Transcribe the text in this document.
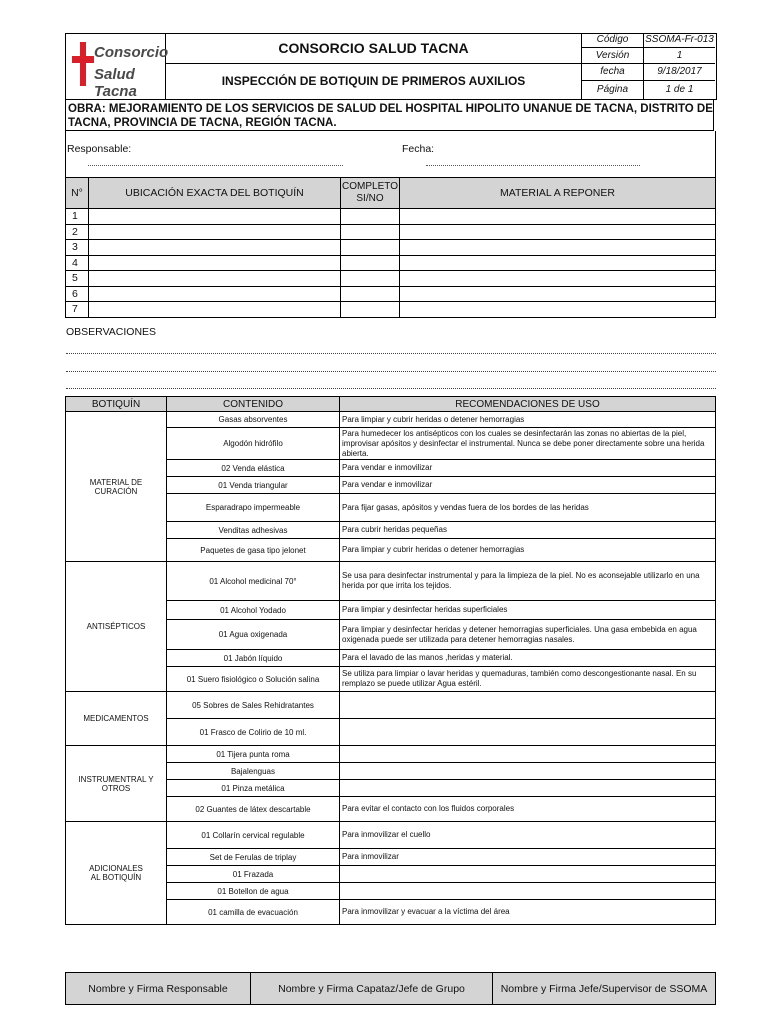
Consorcio
Salud Tacna
CONSORCIO SALUD TACNA
INSPECCIÓN DE BOTIQUIN DE PRIMEROS AUXILIOS
Código	SSOMA-Fr-013
Versión	1
fecha	9/18/2017
Página	1 de 1
OBRA: MEJORAMIENTO DE LOS SERVICIOS DE SALUD DEL HOSPITAL HIPOLITO UNANUE DE TACNA, DISTRITO DE TACNA, PROVINCIA DE TACNA, REGIÓN TACNA.
Responsable:	Fecha:
N°	UBICACIÓN EXACTA DEL BOTIQUÍN	COMPLETO SI/NO	MATERIAL A REPONER
1			
2			
3			
4			
5			
6			
7			
OBSERVACIONES
BOTIQUÍN	CONTENIDO	RECOMENDACIONES DE USO
MATERIAL DE CURACIÓN	Gasas absorventes	Para limpiar y cubrir heridas o detener hemorragias
	Algodón hidrófilo	Para humedecer los antisépticos con los cuales se desinfectarán las zonas no abiertas de la piel, improvisar apósitos y desinfectar el instrumental. Nunca se debe poner directamente sobre una herida abierta.
	02 Venda elástica	Para vendar e inmovilizar
	01 Venda triangular	Para vendar e inmovilizar
	Esparadrapo impermeable	Para fijar gasas, apósitos y vendas fuera de los bordes de las heridas
	Venditas adhesivas	Para cubrir heridas pequeñas
	Paquetes de gasa tipo jelonet	Para limpiar y cubrir heridas o detener hemorragias
ANTISÉPTICOS	01 Alcohol medicinal 70°	Se usa para desinfectar instrumental y para la limpieza de la piel. No es aconsejable utilizarlo en una herida por que irrita los tejidos.
	01 Alcohol Yodado	Para limpiar y desinfectar heridas superficiales
	01 Agua oxigenada	Para limpiar y desinfectar heridas y detener hemorragias superficiales. Una gasa embebida en agua oxigenada puede ser utilizada para detener hemorragias nasales.
	01 Jabón líquido	Para el lavado de las manos ,heridas y material.
	01 Suero fisiológico o Solución salina	Se utiliza para limpiar o lavar heridas y quemaduras, también como descongestionante nasal. En su remplazo se puede utilizar Agua estéril.
MEDICAMENTOS	05 Sobres de Sales Rehidratantes	
	01 Frasco de Colirio de 10 ml.	
INSTRUMENTRAL Y OTROS	01 Tijera punta roma	
	Bajalenguas	
	01 Pinza metálica	
	02 Guantes de látex descartable	Para evitar el contacto con los fluidos corporales
ADICIONALES AL BOTIQUÍN	01 Collarín cervical regulable	Para inmovilizar el cuello
	Set de Ferulas de triplay	Para inmovilizar
	01 Frazada	
	01 Botellon de agua	
	01 camilla de evacuación	Para inmovilizar y evacuar a la víctima del área
Nombre y Firma Responsable	Nombre y Firma Capataz/Jefe de Grupo	Nombre y Firma Jefe/Supervisor de SSOMA
